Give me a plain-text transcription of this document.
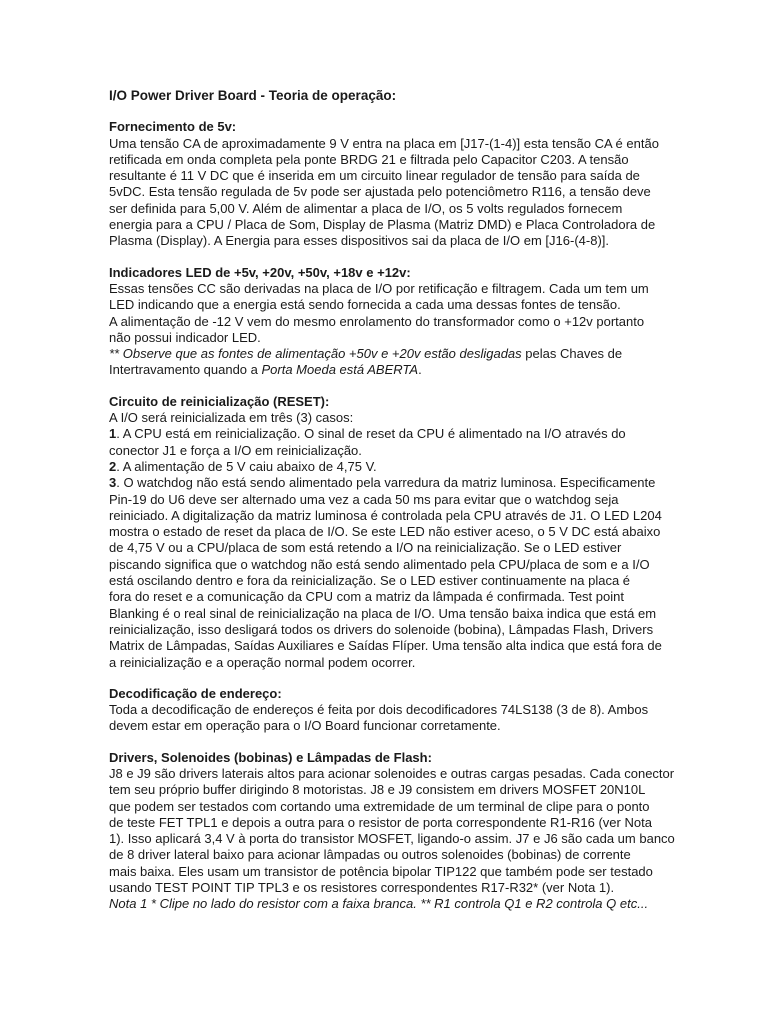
I/O Power Driver Board - Teoria de operação:
Fornecimento de 5v:
Uma tensão CA de aproximadamente 9 V entra na placa em [J17-(1-4)] esta tensão CA é então
retificada em onda completa pela ponte BRDG 21 e filtrada pelo Capacitor C203. A tensão
resultante é 11 V DC que é inserida em um circuito linear regulador de tensão para saída de
5vDC. Esta tensão regulada de 5v pode ser ajustada pelo potenciômetro R116, a tensão deve
ser definida para 5,00 V. Além de alimentar a placa de I/O, os 5 volts regulados fornecem
energia para a CPU / Placa de Som, Display de Plasma (Matriz DMD) e Placa Controladora de
Plasma (Display). A Energia para esses dispositivos sai da placa de I/O em [J16-(4-8)].
Indicadores LED de +5v, +20v, +50v, +18v e +12v:
Essas tensões CC são derivadas na placa de I/O por retificação e filtragem. Cada um tem um
LED indicando que a energia está sendo fornecida a cada uma dessas fontes de tensão.
A alimentação de -12 V vem do mesmo enrolamento do transformador como o +12v portanto
não possui indicador LED.
** Observe que as fontes de alimentação +50v e +20v estão desligadas pelas Chaves de
Intertravamento quando a Porta Moeda está ABERTA.
Circuito de reinicialização (RESET):
A I/O será reinicializada em três (3) casos:
1. A CPU está em reinicialização. O sinal de reset da CPU é alimentado na I/O através do
conector J1 e força a I/O em reinicialização.
2. A alimentação de 5 V caiu abaixo de 4,75 V.
3. O watchdog não está sendo alimentado pela varredura da matriz luminosa. Especificamente
Pin-19 do U6 deve ser alternado uma vez a cada 50 ms para evitar que o watchdog seja
reiniciado. A digitalização da matriz luminosa é controlada pela CPU através de J1. O LED L204
mostra o estado de reset da placa de I/O. Se este LED não estiver aceso, o 5 V DC está abaixo
de 4,75 V ou a CPU/placa de som está retendo a I/O na reinicialização. Se o LED estiver
piscando significa que o watchdog não está sendo alimentado pela CPU/placa de som e a I/O
está oscilando dentro e fora da reinicialização. Se o LED estiver continuamente na placa é
fora do reset e a comunicação da CPU com a matriz da lâmpada é confirmada. Test point
Blanking é o real sinal de reinicialização na placa de I/O. Uma tensão baixa indica que está em
reinicialização, isso desligará todos os drivers do solenoide (bobina), Lâmpadas Flash, Drivers
Matrix de Lâmpadas, Saídas Auxiliares e Saídas Flíper. Uma tensão alta indica que está fora de
a reinicialização e a operação normal podem ocorrer.
Decodificação de endereço:
Toda a decodificação de endereços é feita por dois decodificadores 74LS138 (3 de 8). Ambos
devem estar em operação para o I/O Board funcionar corretamente.
Drivers, Solenoides (bobinas) e Lâmpadas de Flash:
J8 e J9 são drivers laterais altos para acionar solenoides e outras cargas pesadas. Cada conector
tem seu próprio buffer dirigindo 8 motoristas. J8 e J9 consistem em drivers MOSFET 20N10L
que podem ser testados com cortando uma extremidade de um terminal de clipe para o ponto
de teste FET TPL1 e depois a outra para o resistor de porta correspondente R1-R16 (ver Nota
1). Isso aplicará 3,4 V à porta do transistor MOSFET, ligando-o assim. J7 e J6 são cada um banco
de 8 driver lateral baixo para acionar lâmpadas ou outros solenoides (bobinas) de corrente
mais baixa. Eles usam um transistor de potência bipolar TIP122 que também pode ser testado
usando TEST POINT TIP TPL3 e os resistores correspondentes R17-R32* (ver Nota 1).
Nota 1 * Clipe no lado do resistor com a faixa branca. ** R1 controla Q1 e R2 controla Q etc...
